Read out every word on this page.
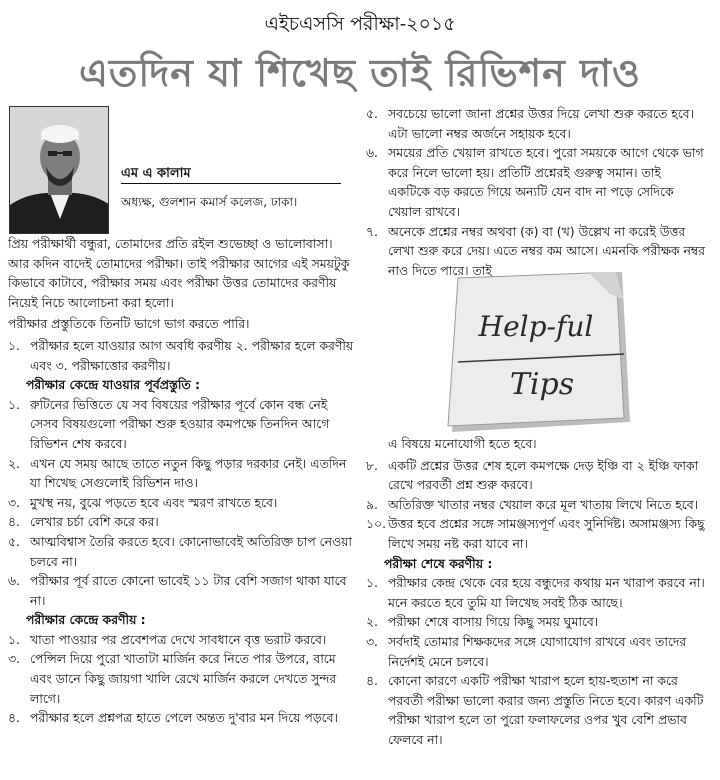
এইচএসসি পরীক্ষা-২০১৫
এতদিন যা শিখেছ তাই রিভিশন দাও
এম এ কালাম
অধ্যক্ষ, গুলশান কমার্স কলেজ, ঢাকা।

প্রিয় পরীক্ষার্থী বন্ধুরা, তোমাদের প্রতি রইল শুভেচ্ছা ও ভালোবাসা। আর কদিন বাদেই তোমাদের পরীক্ষা। তাই পরীক্ষার আগের এই সময়টুকু কিভাবে কাটাবে, পরীক্ষার সময় এবং পরীক্ষা উত্তর তোমাদের করণীয় নিয়েই নিচে আলোচনা করা হলো।

পরীক্ষার প্রস্তুতিকে তিনটি ভাগে ভাগ করতে পারি।

১. পরীক্ষার হলে যাওয়ার আগ অবধি করণীয় ২. পরীক্ষার হলে করণীয় এবং ৩. পরীক্ষাত্তোর করণীয়।
পরীক্ষার কেন্দ্রে যাওয়ার পূর্বপ্রস্তুতি :
১. রুটিনের ভিত্তিতে যে সব বিষয়ের পরীক্ষার পূর্বে কোন বন্ধ নেই সেসব বিষয়গুলো পরীক্ষা শুরু হওয়ার কমপক্ষে তিনদিন আগে রিভিশন শেষ করবে।
২. এখন যে সময় আছে তাতে নতুন কিছু পড়ার দরকার নেই। এতদিন যা শিখেছ সেগুলোই রিভিশন দাও।
৩. মুখস্থ নয়, বুঝে পড়তে হবে এবং স্মরণ রাখতে হবে।
৪. লেখার চর্চা বেশি করে কর।
৫. আত্মবিশ্বাস তৈরি করতে হবে। কোনোভাবেই অতিরিক্ত চাপ নেওয়া চলবে না।
৬. পরীক্ষার পূর্ব রাতে কোনো ভাবেই ১১ টার বেশি সজাগ থাকা যাবে না।
পরীক্ষার কেন্দ্রে করণীয় :
১. খাতা পাওয়ার পর প্রবেশপত্র দেখে সাবধানে বৃত্ত ভরাট করবে।
৩. পেন্সিল দিয়ে পুরো খাতাটা মার্জিন করে নিতে পার উপরে, বামে এবং ডানে কিছু জায়গা খালি রেখে মার্জিন করলে দেখতে সুন্দর লাগে।
৪. পরীক্ষার হলে প্রশ্নপত্র হাতে পেলে অন্তত দু'বার মন দিয়ে পড়বে।
৫. সবচেয়ে ভালো জানা প্রশ্নের উত্তর দিয়ে লেখা শুরু করতে হবে। এটা ভালো নম্বর অর্জনে সহায়ক হবে।
৬. সময়ের প্রতি খেয়াল রাখতে হবে। পুরো সময়কে আগে থেকে ভাগ করে নিলে ভালো হয়। প্রতিটি প্রশ্নেরই গুরুত্ব সমান। তাই একটিকে বড় করতে গিয়ে অন্যটি যেন বাদ না পড়ে সেদিকে খেয়াল রাখবে।
৭. অনেকে প্রশ্নের নম্বর অথবা (ক) বা (খ) উল্লেখ না করেই উত্তর লেখা শুরু করে দেয়। এতে নম্বর কম আসে। এমনকি পরীক্ষক নম্বর নাও দিতে পারে। তাই
Help-ful
Tips

এ বিষয়ে মনোযোগী হতে হবে।

৮. একটি প্রশ্নের উত্তর শেষ হলে কমপক্ষে দেড় ইঞ্চি বা ২ ইঞ্চি ফাকা রেখে পরবর্তী প্রশ্ন শুরু করবে।
৯. অতিরিক্ত খাতার নম্বর খেয়াল করে মূল খাতায় লিখে নিতে হবে।
১০. উত্তর হবে প্রশ্নের সঙ্গে সামঞ্জস্যপূর্ণ এবং সুনির্দিষ্ট। অসামঞ্জস্য কিছু লিখে সময় নষ্ট করা যাবে না।
পরীক্ষা শেষে করণীয় :
১. পরীক্ষার কেন্দ্র থেকে বের হয়ে বন্ধুদের কথায় মন খারাপ করবে না। মনে করতে হবে তুমি যা লিখেছ সবই ঠিক আছে।
২. পরীক্ষা শেষে বাসায় গিয়ে কিছু সময় ঘুমাবে।
৩. সর্বদাই তোমার শিক্ষকদের সঙ্গে যোগাযোগ রাখবে এবং তাদের নির্দেশই মেনে চলবে।
৪. কোনো কারণে একটি পরীক্ষা খারাপ হলে হায়-হুতাশ না করে পরবর্তী পরীক্ষা ভালো করার জন্য প্রস্তুতি নিতে হবে। কারণ একটি পরীক্ষা খারাপ হলে তা পুরো ফলাফলের ওপর খুব বেশি প্রভাব ফেলবে না।
